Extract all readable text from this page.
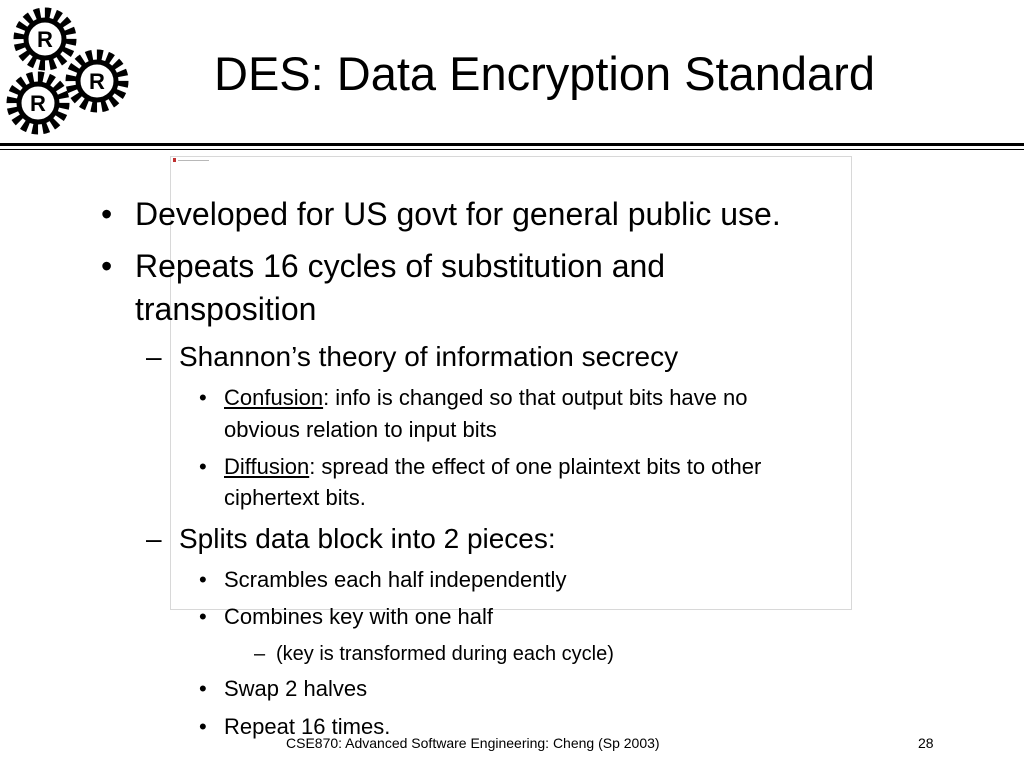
R
R
R
DES: Data Encryption Standard
• Developed for US govt for general public use.
• Repeats 16 cycles of substitution and
transposition
– Shannon’s theory of information secrecy
• Confusion: info is changed so that output bits have no
obvious relation to input bits
• Diffusion: spread the effect of one plaintext bits to other
ciphertext bits.
– Splits data block into 2 pieces:
• Scrambles each half independently
• Combines key with one half
– (key is transformed during each cycle)
• Swap 2 halves
• Repeat 16 times.
CSE870: Advanced Software Engineering: Cheng (Sp 2003)	28
